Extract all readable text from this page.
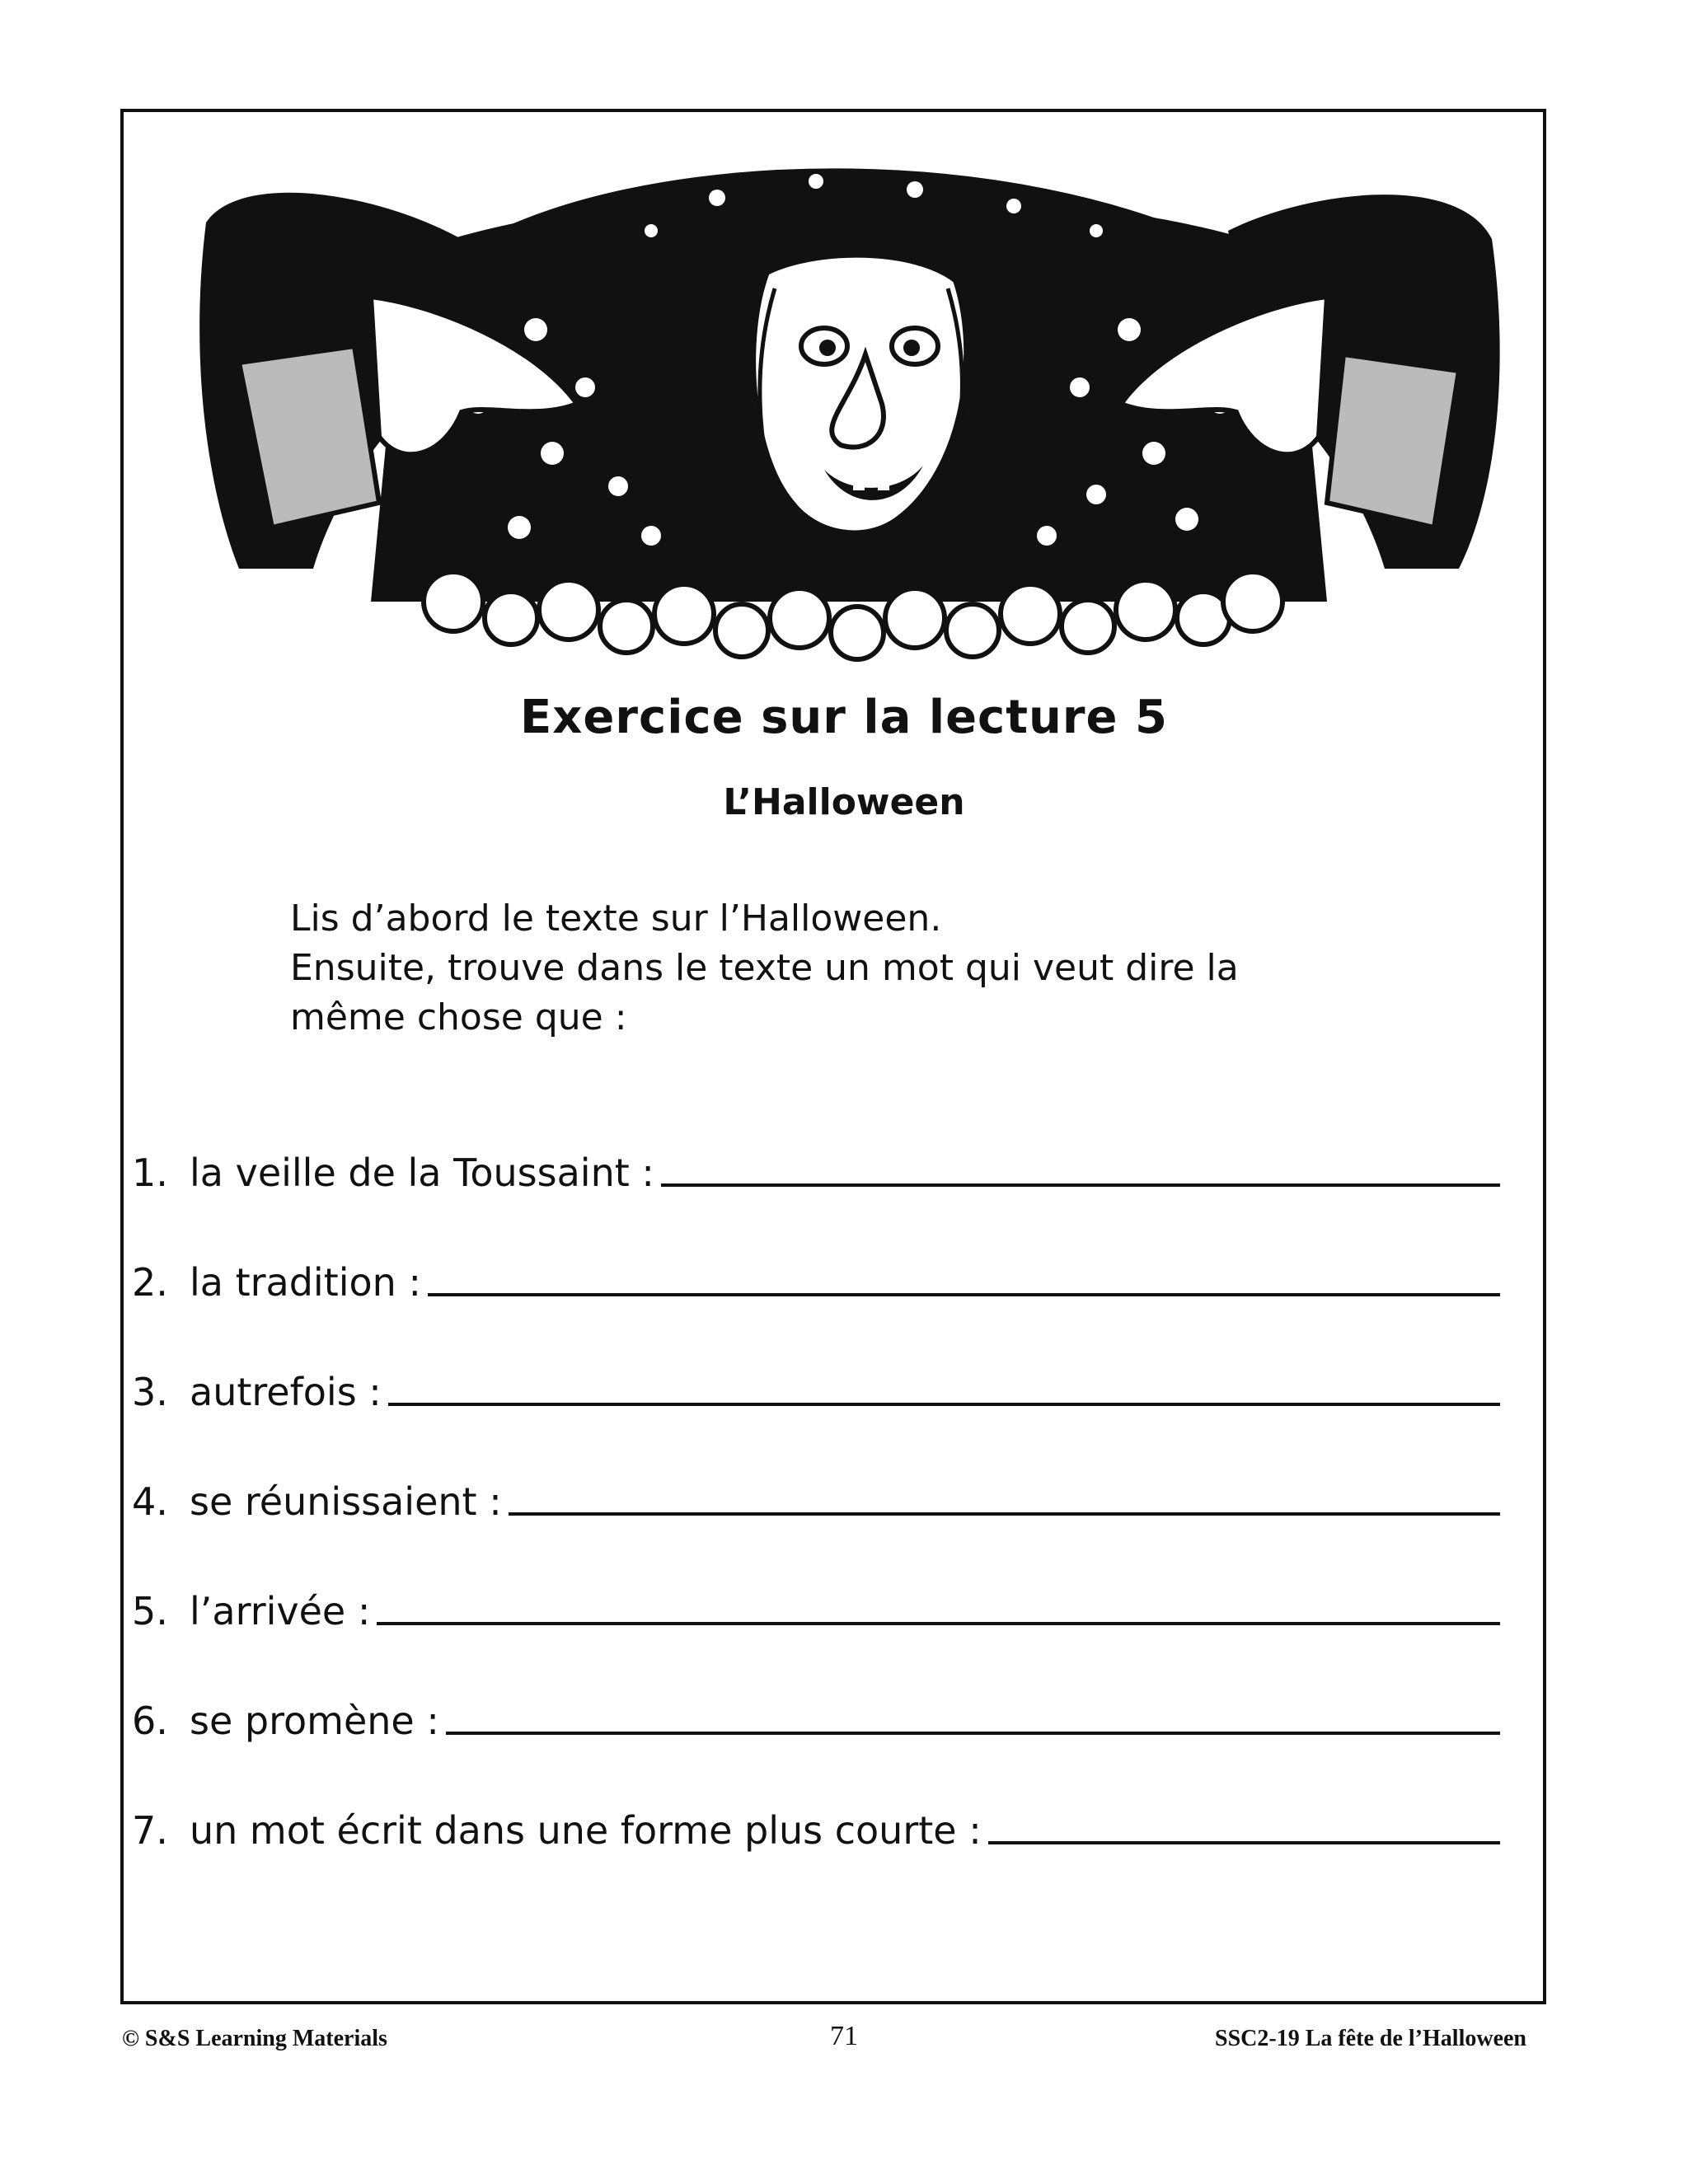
Exercice sur la lecture 5
L’Halloween
Lis d’abord le texte sur l’Halloween.
Ensuite, trouve dans le texte un mot qui veut dire la
même chose que :
1. la veille de la Toussaint :
2. la tradition :
3. autrefois :
4. se réunissaient :
5. l’arrivée :
6. se promène :
7. un mot écrit dans une forme plus courte :
© S&S Learning Materials	71	SSC2-19 La fête de l’Halloween
